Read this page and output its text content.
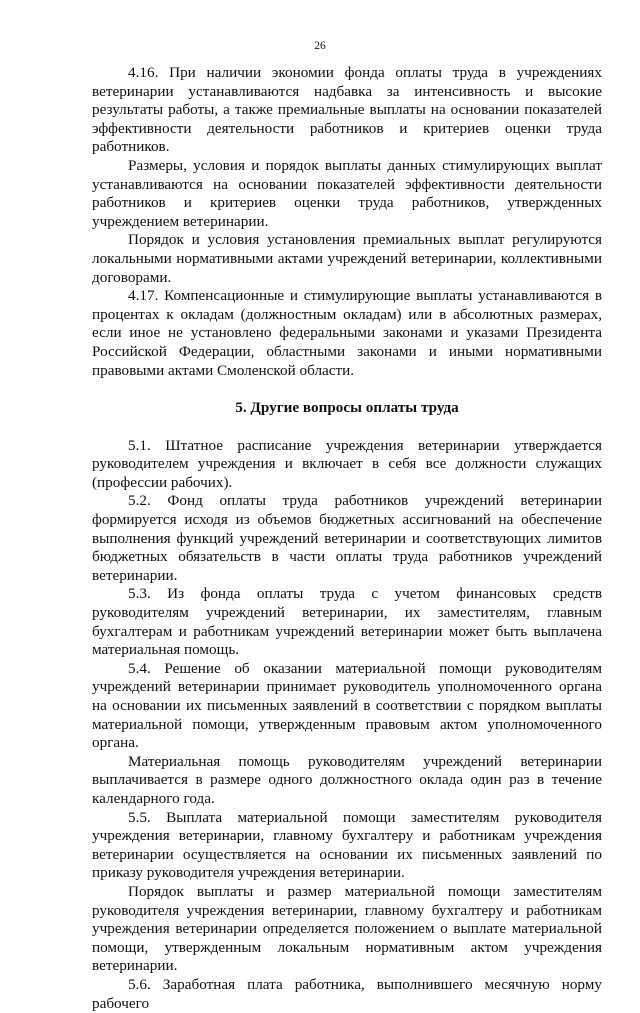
26

4.16. При наличии экономии фонда оплаты труда в учреждениях ветеринарии устанавливаются надбавка за интенсивность и высокие результаты работы, а также премиальные выплаты на основании показателей эффективности деятельности работников и критериев оценки труда работников.

Размеры, условия и порядок выплаты данных стимулирующих выплат устанавливаются на основании показателей эффективности деятельности работников и критериев оценки труда работников, утвержденных учреждением ветеринарии.

Порядок и условия установления премиальных выплат регулируются локальными нормативными актами учреждений ветеринарии, коллективными договорами.

4.17. Компенсационные и стимулирующие выплаты устанавливаются в процентах к окладам (должностным окладам) или в абсолютных размерах, если иное не установлено федеральными законами и указами Президента Российской Федерации, областными законами и иными нормативными правовыми актами Смоленской области.

5. Другие вопросы оплаты труда

5.1. Штатное расписание учреждения ветеринарии утверждается руководителем учреждения и включает в себя все должности служащих (профессии рабочих).

5.2. Фонд оплаты труда работников учреждений ветеринарии формируется исходя из объемов бюджетных ассигнований на обеспечение выполнения функций учреждений ветеринарии и соответствующих лимитов бюджетных обязательств в части оплаты труда работников учреждений ветеринарии.

5.3. Из фонда оплаты труда с учетом финансовых средств руководителям учреждений ветеринарии, их заместителям, главным бухгалтерам и работникам учреждений ветеринарии может быть выплачена материальная помощь.

5.4. Решение об оказании материальной помощи руководителям учреждений ветеринарии принимает руководитель уполномоченного органа на основании их письменных заявлений в соответствии с порядком выплаты материальной помощи, утвержденным правовым актом уполномоченного органа.

Материальная помощь руководителям учреждений ветеринарии выплачивается в размере одного должностного оклада один раз в течение календарного года.

5.5. Выплата материальной помощи заместителям руководителя учреждения ветеринарии, главному бухгалтеру и работникам учреждения ветеринарии осуществляется на основании их письменных заявлений по приказу руководителя учреждения ветеринарии.

Порядок выплаты и размер материальной помощи заместителям руководителя учреждения ветеринарии, главному бухгалтеру и работникам учреждения ветеринарии определяется положением о выплате материальной помощи, утвержденным локальным нормативным актом учреждения ветеринарии.

5.6. Заработная плата работника, выполнившего месячную норму рабочего
